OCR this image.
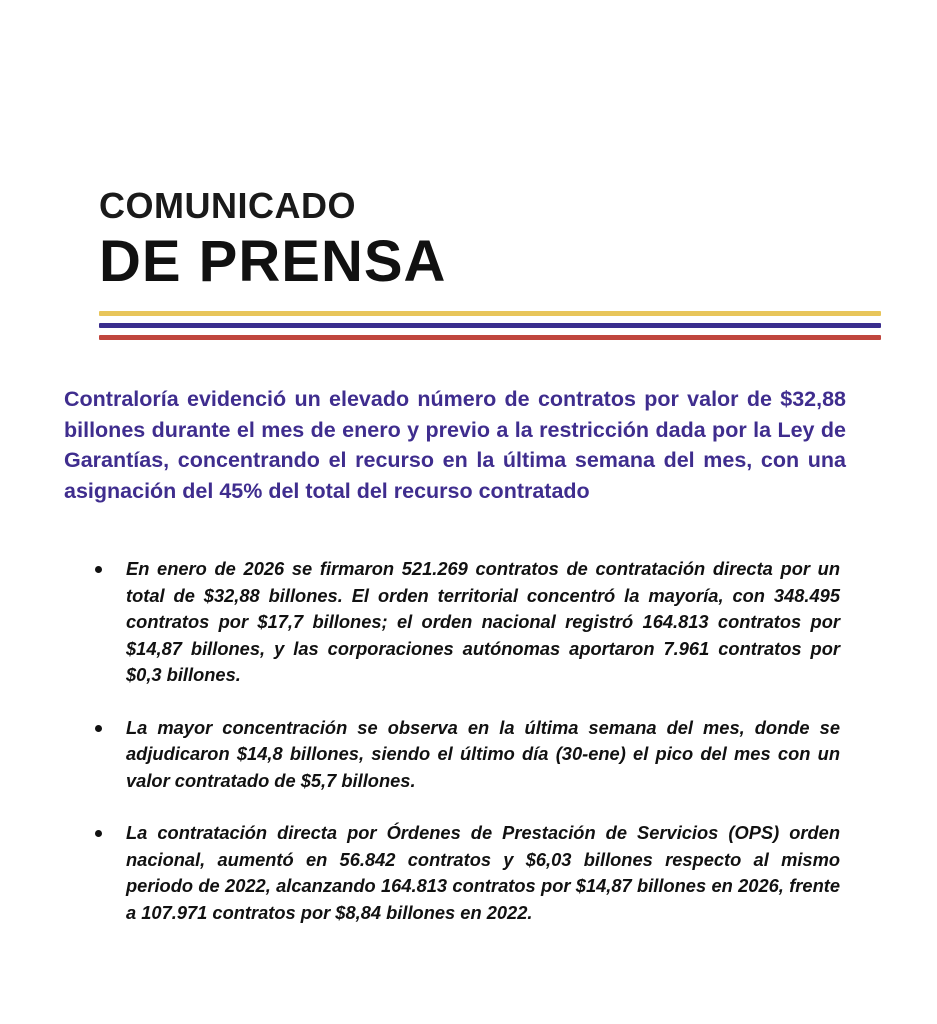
COMUNICADO
DE PRENSA

Contraloría evidenció un elevado número de contratos por valor de $32,88 billones durante el mes de enero y previo a la restricción dada por la Ley de Garantías, concentrando el recurso en la última semana del mes, con una asignación del 45% del total del recurso contratado

En enero de 2026 se firmaron 521.269 contratos de contratación directa por un total de $32,88 billones. El orden territorial concentró la mayoría, con 348.495 contratos por $17,7 billones; el orden nacional registró 164.813 contratos por $14,87 billones, y las corporaciones autónomas aportaron 7.961 contratos por $0,3 billones.
La mayor concentración se observa en la última semana del mes, donde se adjudicaron $14,8 billones, siendo el último día (30-ene) el pico del mes con un valor contratado de $5,7 billones.
La contratación directa por Órdenes de Prestación de Servicios (OPS) orden nacional, aumentó en 56.842 contratos y $6,03 billones respecto al mismo periodo de 2022, alcanzando 164.813 contratos por $14,87 billones en 2026, frente a 107.971 contratos por $8,84 billones en 2022.
